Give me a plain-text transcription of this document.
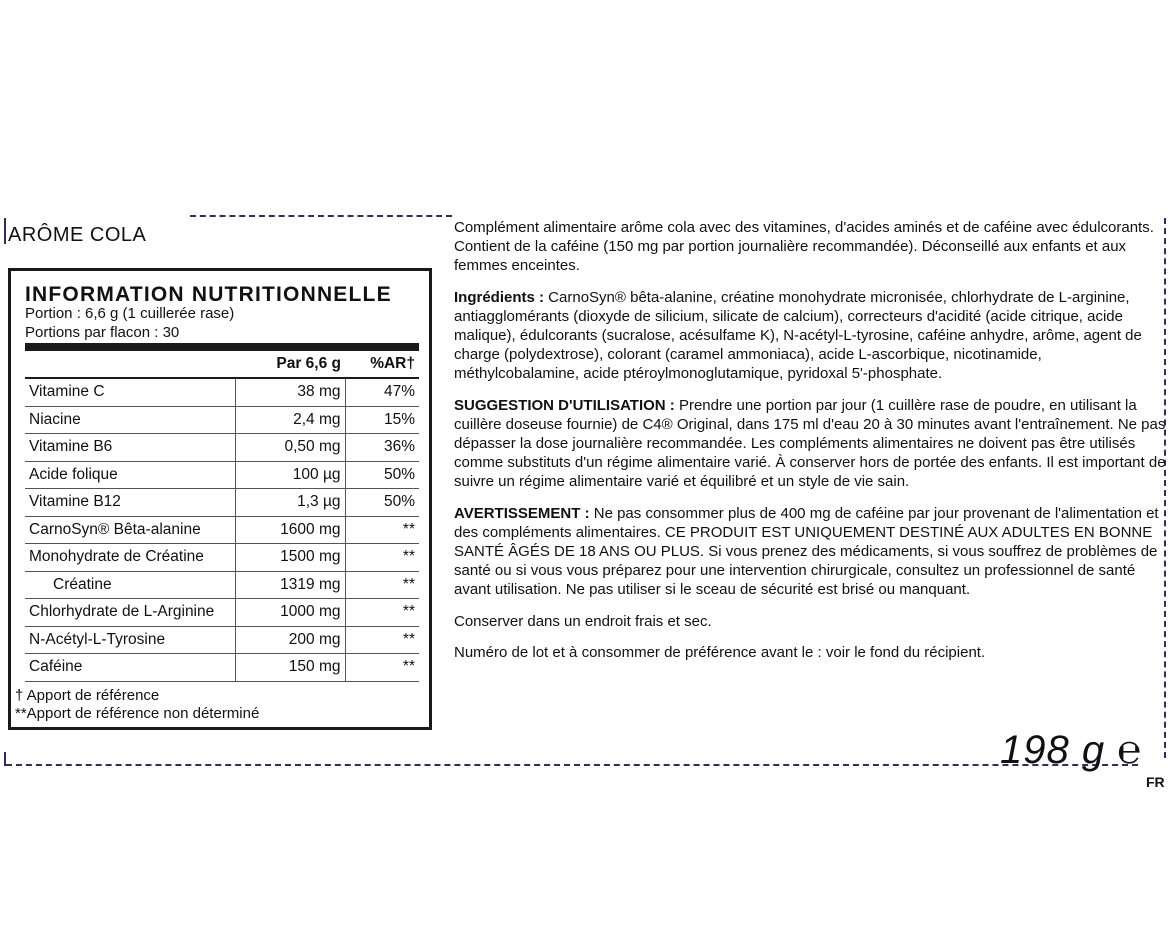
ARÔME COLA
INFORMATION NUTRITIONNELLE
Portion : 6,6 g (1 cuillerée rase)
Portions par flacon : 30
	Par 6,6 g	%AR†
Vitamine C	38 mg	47%
Niacine	2,4 mg	15%
Vitamine B6	0,50 mg	36%
Acide folique	100 µg	50%
Vitamine B12	1,3 µg	50%
CarnoSyn® Bêta-alanine	1600 mg	**
Monohydrate de Créatine	1500 mg	**
Créatine	1319 mg	**
Chlorhydrate de L-Arginine	1000 mg	**
N-Acétyl-L-Tyrosine	200 mg	**
Caféine	150 mg	**
† Apport de référence
**Apport de référence non déterminé

Complément alimentaire arôme cola avec des vitamines, d'acides aminés et de caféine avec édulcorants. Contient de la caféine (150 mg par portion journalière recommandée). Déconseillé aux enfants et aux femmes enceintes.

Ingrédients : CarnoSyn® bêta-alanine, créatine monohydrate micronisée, chlorhydrate de L-arginine, antiagglomérants (dioxyde de silicium, silicate de calcium), correcteurs d'acidité (acide citrique, acide malique), édulcorants (sucralose, acésulfame K), N-acétyl-L-tyrosine, caféine anhydre, arôme, agent de charge (polydextrose), colorant (caramel ammoniaca), acide L-ascorbique, nicotinamide, méthylcobalamine, acide ptéroylmonoglutamique, pyridoxal 5'-phosphate.

SUGGESTION D'UTILISATION : Prendre une portion par jour (1 cuillère rase de poudre, en utilisant la cuillère doseuse fournie) de C4® Original, dans 175 ml d'eau 20 à 30 minutes avant l'entraînement. Ne pas dépasser la dose journalière recommandée. Les compléments alimentaires ne doivent pas être utilisés comme substituts d'un régime alimentaire varié. À conserver hors de portée des enfants. Il est important de suivre un régime alimentaire varié et équilibré et un style de vie sain.

AVERTISSEMENT : Ne pas consommer plus de 400 mg de caféine par jour provenant de l'alimentation et des compléments alimentaires. CE PRODUIT EST UNIQUEMENT DESTINÉ AUX ADULTES EN BONNE SANTÉ ÂGÉS DE 18 ANS OU PLUS. Si vous prenez des médicaments, si vous souffrez de problèmes de santé ou si vous vous préparez pour une intervention chirurgicale, consultez un professionnel de santé avant utilisation. Ne pas utiliser si le sceau de sécurité est brisé ou manquant.

Conserver dans un endroit frais et sec.

Numéro de lot et à consommer de préférence avant le : voir le fond du récipient.

198 g ℮
FR
